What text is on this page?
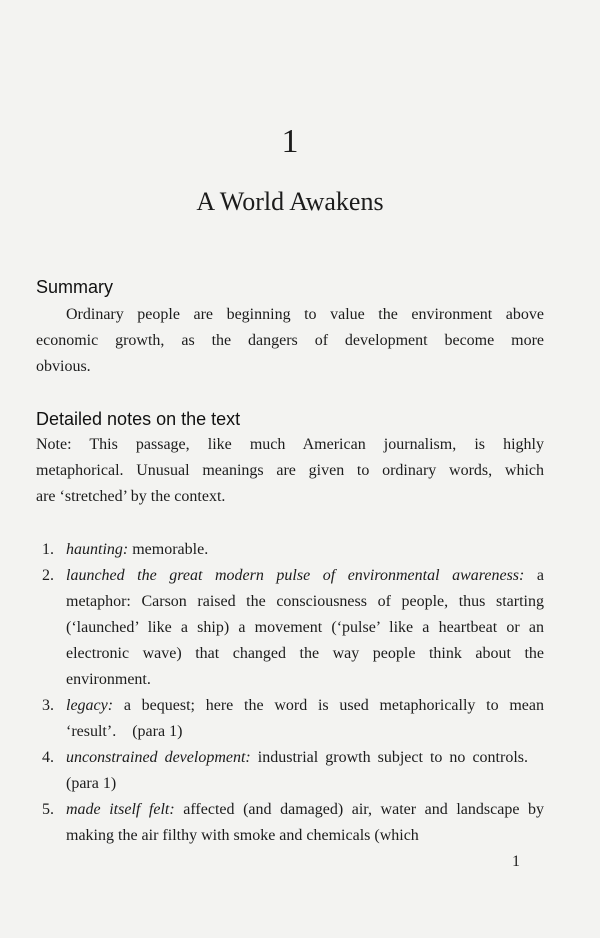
1
A World Awakens
Summary
Ordinary people are beginning to value the environment above
economic growth, as the dangers of development become more
obvious.
Detailed notes on the text
Note: This passage, like much American journalism, is highly
metaphorical. Unusual meanings are given to ordinary words, which
are ‘stretched’ by the context.
1. haunting: memorable.
2. launched the great modern pulse of environmental awareness: a metaphor: Carson raised the consciousness of people, thus starting (‘launched’ like a ship) a movement (‘pulse’ like a heartbeat or an electronic wave) that changed the way people think about the environment.
3. legacy: a bequest; here the word is used metaphorically to mean ‘result’. (para 1)
4. unconstrained development: industrial growth subject to no controls. (para 1)
5. made itself felt: affected (and damaged) air, water and landscape by making the air filthy with smoke and chemicals (which
1
